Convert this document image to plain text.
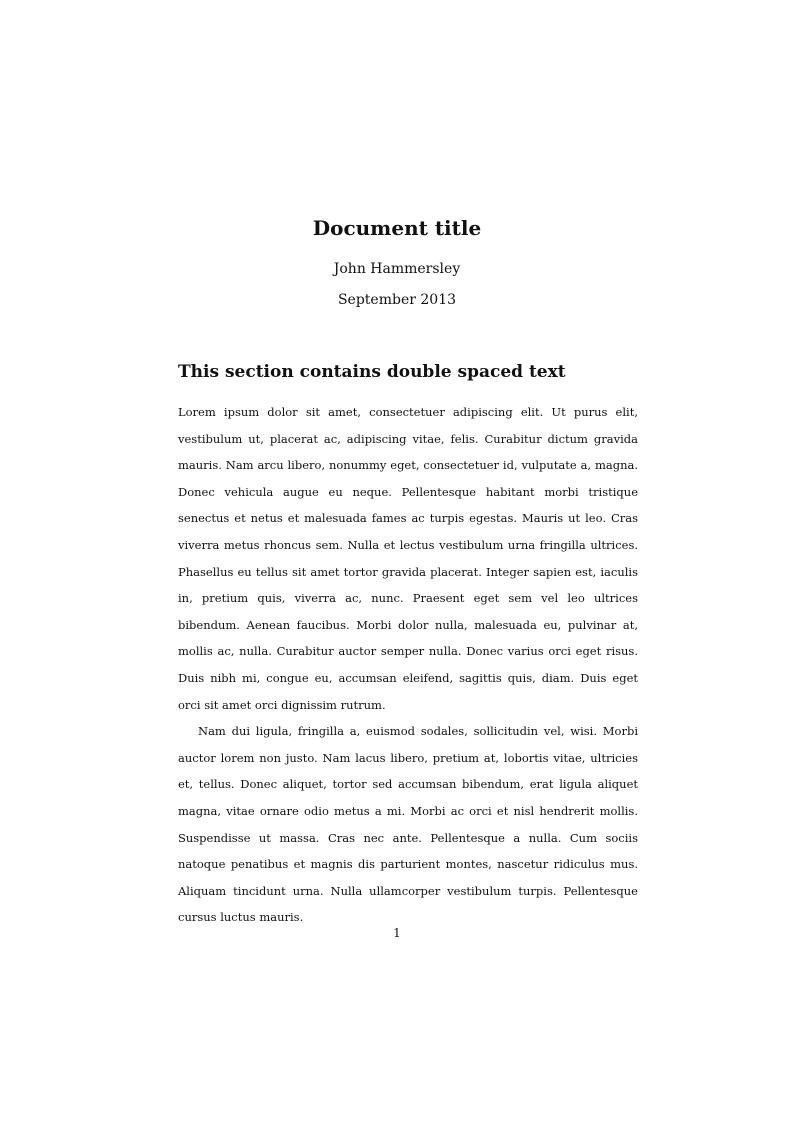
Document title
John Hammersley
September 2013
This section contains double spaced text

Lorem ipsum dolor sit amet, consectetuer adipiscing elit. Ut purus elit, vestibulum ut, placerat ac, adipiscing vitae, felis. Curabitur dictum gravida mauris. Nam arcu libero, nonummy eget, consectetuer id, vulputate a, magna. Donec vehicula augue eu neque. Pellentesque habitant morbi tristique senectus et netus et malesuada fames ac turpis egestas. Mauris ut leo. Cras viverra metus rhoncus sem. Nulla et lectus vestibulum urna fringilla ultrices. Phasellus eu tellus sit amet tortor gravida placerat. Integer sapien est, iaculis in, pretium quis, viverra ac, nunc. Praesent eget sem vel leo ultrices bibendum. Aenean faucibus. Morbi dolor nulla, malesuada eu, pulvinar at, mollis ac, nulla. Curabitur auctor semper nulla. Donec varius orci eget risus. Duis nibh mi, congue eu, accumsan eleifend, sagittis quis, diam. Duis eget orci sit amet orci dignissim rutrum.

Nam dui ligula, fringilla a, euismod sodales, sollicitudin vel, wisi. Morbi auctor lorem non justo. Nam lacus libero, pretium at, lobortis vitae, ultricies et, tellus. Donec aliquet, tortor sed accumsan bibendum, erat ligula aliquet magna, vitae ornare odio metus a mi. Morbi ac orci et nisl hendrerit mollis. Suspendisse ut massa. Cras nec ante. Pellentesque a nulla. Cum sociis natoque penatibus et magnis dis parturient montes, nascetur ridiculus mus. Aliquam tincidunt urna. Nulla ullamcorper vestibulum turpis. Pellentesque cursus luctus mauris.

1
